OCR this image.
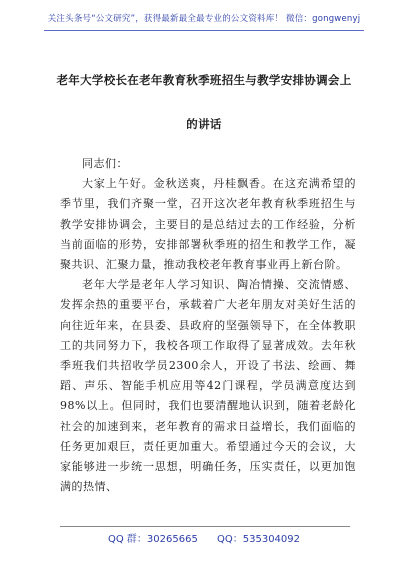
关注头条号“公文研究”，获得最新最全最专业的公文资料库！ 微信：gongwenyj
老年大学校长在老年教育秋季班招生与教学安排协调会上
的讲话

同志们：

大家上午好。金秋送爽，丹桂飘香。在这充满希望的季节里，我们齐聚一堂，召开这次老年教育秋季班招生与教学安排协调会，主要目的是总结过去的工作经验，分析当前面临的形势，安排部署秋季班的招生和教学工作，凝聚共识、汇聚力量，推动我校老年教育事业再上新台阶。

老年大学是老年人学习知识、陶冶情操、交流情感、发挥余热的重要平台，承载着广大老年朋友对美好生活的向往近年来，在县委、县政府的坚强领导下，在全体教职工的共同努力下，我校各项工作取得了显著成效。去年秋季班我们共招收学员2300余人，开设了书法、绘画、舞蹈、声乐、智能手机应用等42门课程，学员满意度达到98%以上。但同时，我们也要清醒地认识到，随着老龄化社会的加速到来，老年教育的需求日益增长，我们面临的任务更加艰巨，责任更加重大。希望通过今天的会议，大家能够进一步统一思想，明确任务，压实责任，以更加饱满的热情、

QQ 群：30265665 QQ：535304092
